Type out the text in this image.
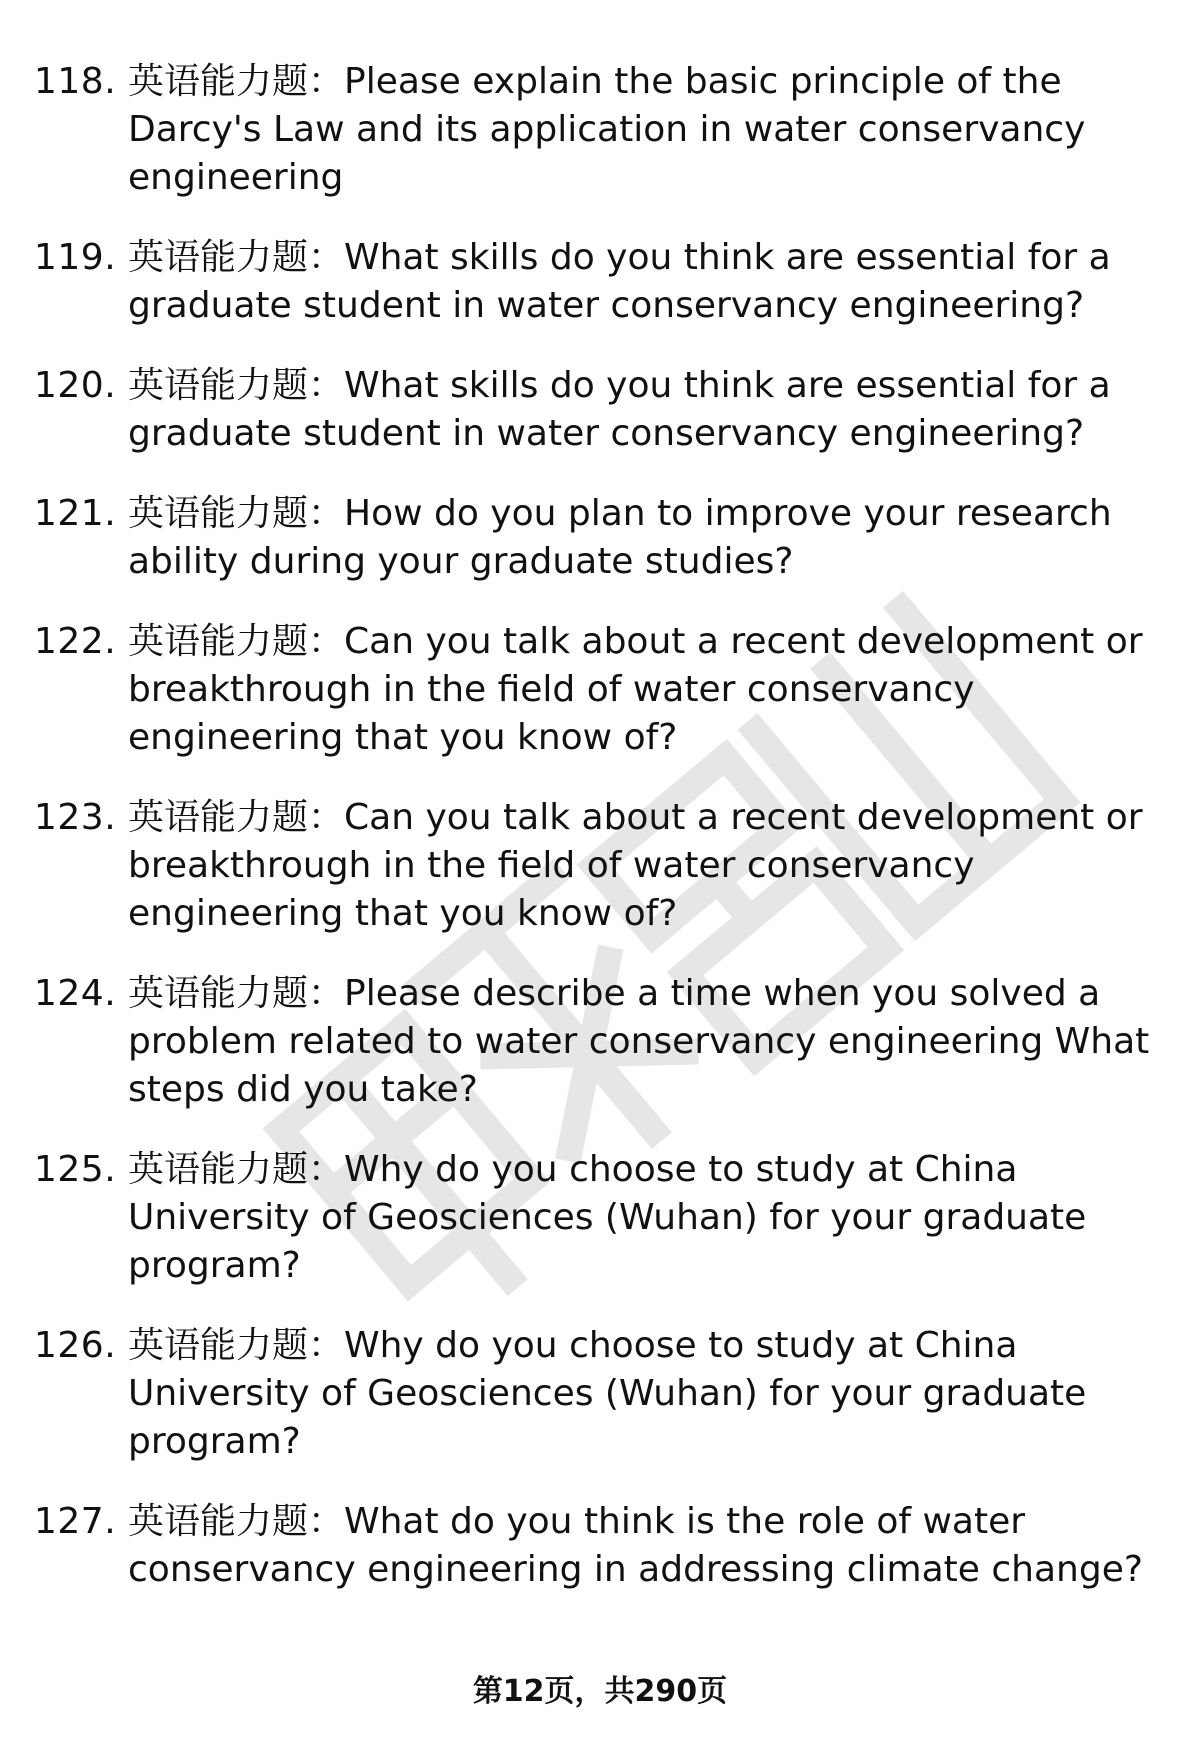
118. 英语能力题：Please explain the basic principle of the Darcy's Law and its application in water conservancy engineering
119. 英语能力题：What skills do you think are essential for a graduate student in water conservancy engineering?
120. 英语能力题：What skills do you think are essential for a graduate student in water conservancy engineering?
121. 英语能力题：How do you plan to improve your research ability during your graduate studies?
122. 英语能力题：Can you talk about a recent development or breakthrough in the field of water conservancy engineering that you know of?
123. 英语能力题：Can you talk about a recent development or breakthrough in the field of water conservancy engineering that you know of?
124. 英语能力题：Please describe a time when you solved a problem related to water conservancy engineering What steps did you take?
125. 英语能力题：Why do you choose to study at China University of Geosciences (Wuhan) for your graduate program?
126. 英语能力题：Why do you choose to study at China University of Geosciences (Wuhan) for your graduate program?
127. 英语能力题：What do you think is the role of water conservancy engineering in addressing climate change?
第12页，共290页
